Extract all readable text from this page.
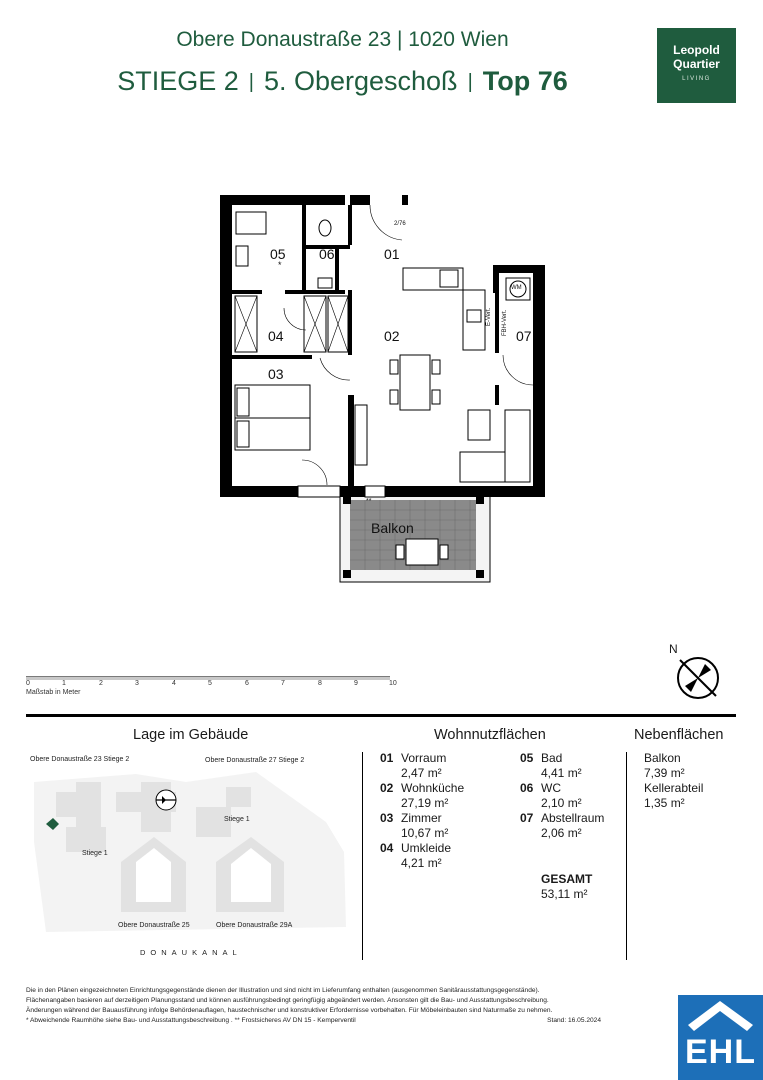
Obere Donaustraße 23 | 1020 Wien
STIEGE 2 | 5. Obergeschoß | Top 76
Leopold
Quartier
LIVING
05
*
06	01
04	02	07
03
Balkon
2/76
WM
E-Vert. FBH-Vert.
**
N
0	1	2	3	4	5	6	7	8	9	10
Maßstab in Meter
Lage im Gebäude	Wohnnutzflächen	Nebenflächen
Obere Donaustraße 23 Stiege 2	Obere Donaustraße 27 Stiege 2
Stiege 1
Stiege 1
Obere Donaustraße 25	Obere Donaustraße 29A
DONAUKANAL
01 Vorraum
2,47 m²
02 Wohnküche
27,19 m²
03 Zimmer
10,67 m²
04 Umkleide
4,21 m²
05 Bad
4,41 m²
06 WC
2,10 m²
07 Abstellraum
2,06 m²
GESAMT
53,11 m²
Balkon
7,39 m²
Kellerabteil
1,35 m²
Die in den Plänen eingezeichneten Einrichtungsgegenstände dienen der Illustration und sind nicht im Lieferumfang enthalten (ausgenommen Sanitärausstattungsgegenstände).
Flächenangaben basieren auf derzeitigem Planungsstand und können ausführungsbedingt geringfügig abgeändert werden. Ansonsten gilt die Bau- und Ausstattungsbeschreibung.
Änderungen während der Bauausführung infolge Behördenauflagen, haustechnischer und konstruktiver Erfordernisse vorbehalten. Für Möbeleinbauten sind Naturmaße zu nehmen.
* Abweichende Raumhöhe siehe Bau- und Ausstattungsbeschreibung . ** Frostsicheres AV DN 15 - Kemperventil	Stand: 16.05.2024
EHL
